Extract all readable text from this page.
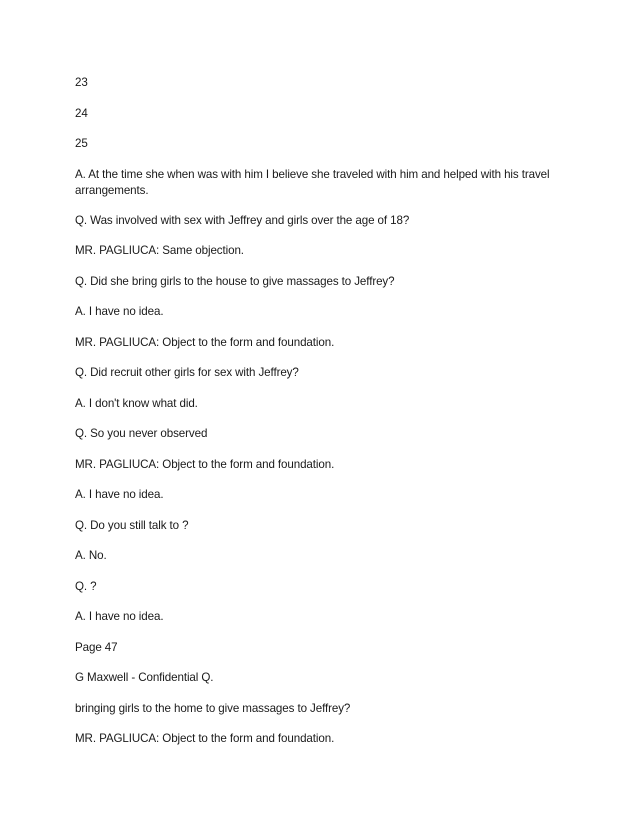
23

24

25

A. At the time she when was with him I believe she traveled with him and helped with his travel arrangements.

Q. Was involved with sex with Jeffrey and girls over the age of 18?

MR. PAGLIUCA: Same objection.

Q. Did she bring girls to the house to give massages to Jeffrey?

A. I have no idea.

MR. PAGLIUCA: Object to the form and foundation.

Q. Did recruit other girls for sex with Jeffrey?

A. I don't know what did.

Q. So you never observed

MR. PAGLIUCA: Object to the form and foundation.

A. I have no idea.

Q. Do you still talk to ?

A. No.

Q. ?

A. I have no idea.

Page 47

G Maxwell - Confidential Q.

bringing girls to the home to give massages to Jeffrey?

MR. PAGLIUCA: Object to the form and foundation.
